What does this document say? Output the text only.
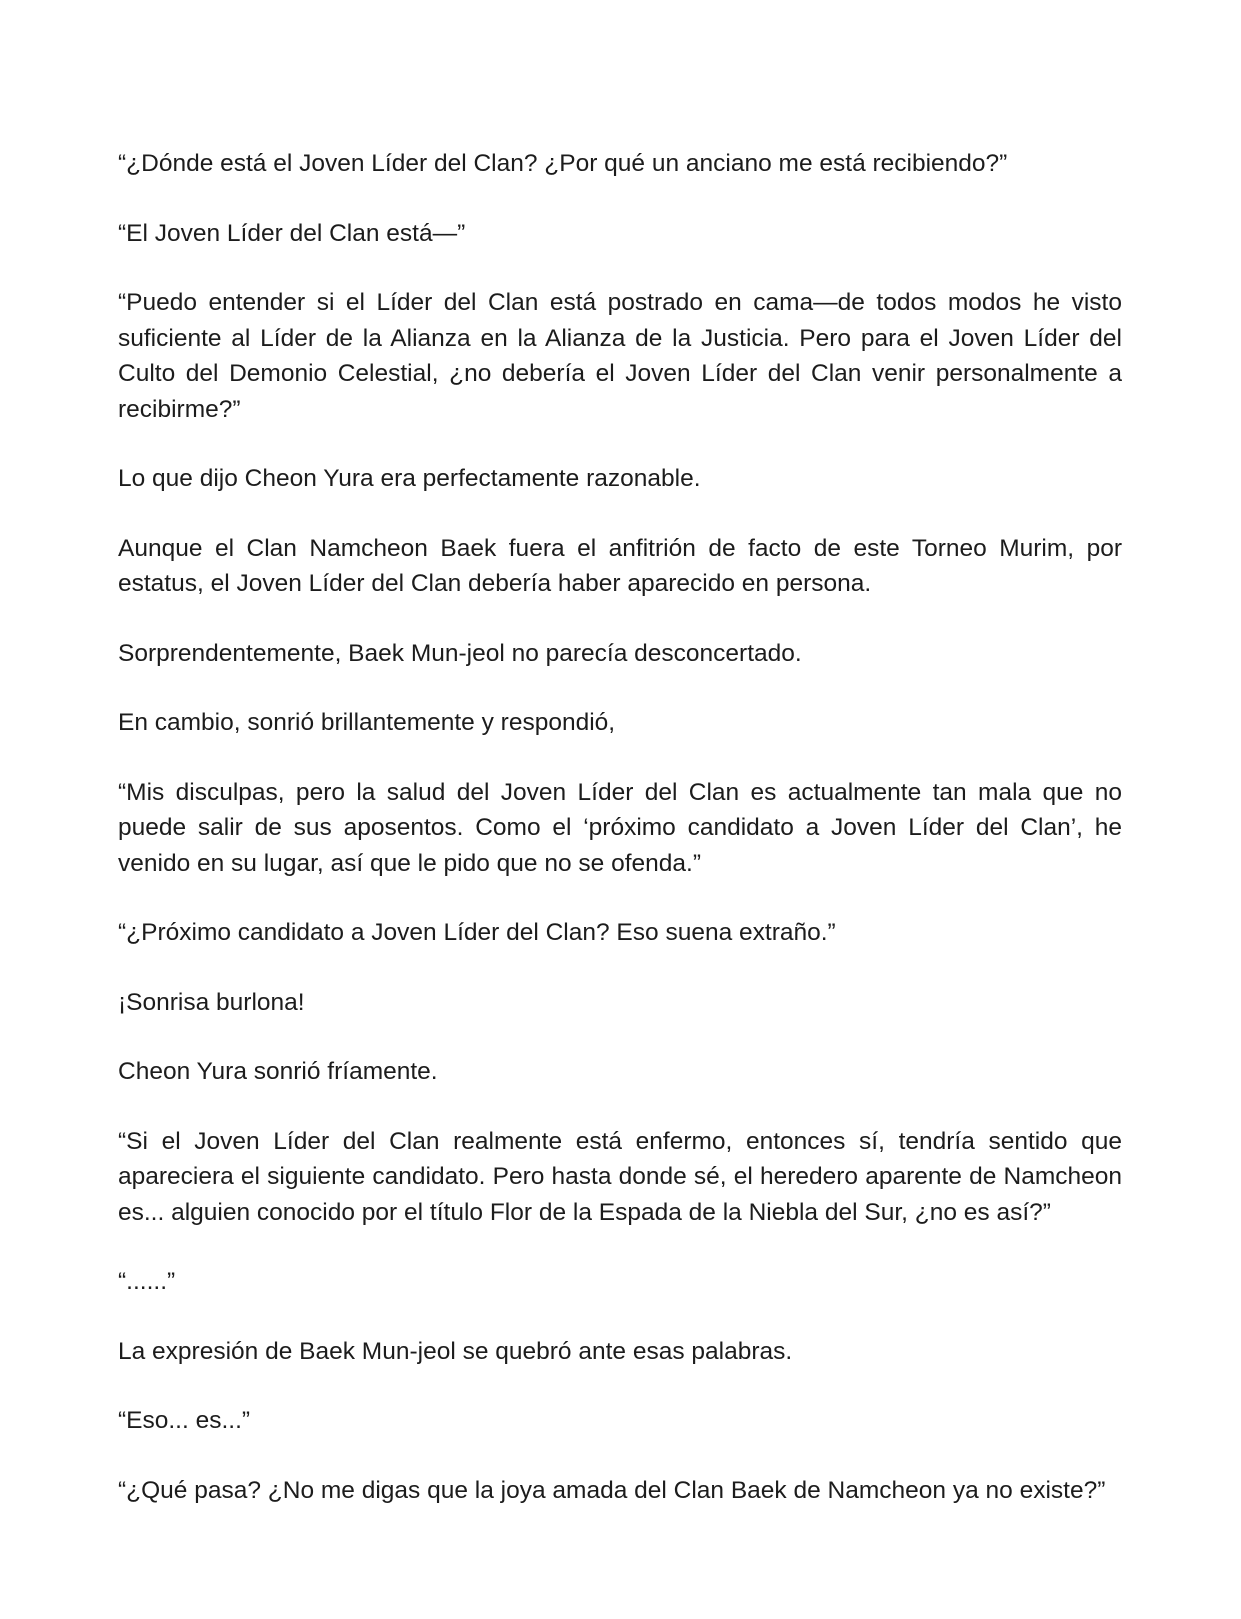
“¿Dónde está el Joven Líder del Clan? ¿Por qué un anciano me está recibiendo?”

“El Joven Líder del Clan está—”

“Puedo entender si el Líder del Clan está postrado en cama—de todos modos he visto suficiente al Líder de la Alianza en la Alianza de la Justicia. Pero para el Joven Líder del Culto del Demonio Celestial, ¿no debería el Joven Líder del Clan venir personalmente a recibirme?”

Lo que dijo Cheon Yura era perfectamente razonable.

Aunque el Clan Namcheon Baek fuera el anfitrión de facto de este Torneo Murim, por estatus, el Joven Líder del Clan debería haber aparecido en persona.

Sorprendentemente, Baek Mun-jeol no parecía desconcertado.

En cambio, sonrió brillantemente y respondió,

“Mis disculpas, pero la salud del Joven Líder del Clan es actualmente tan mala que no puede salir de sus aposentos. Como el ‘próximo candidato a Joven Líder del Clan’, he venido en su lugar, así que le pido que no se ofenda.”

“¿Próximo candidato a Joven Líder del Clan? Eso suena extraño.”

¡Sonrisa burlona!

Cheon Yura sonrió fríamente.

“Si el Joven Líder del Clan realmente está enfermo, entonces sí, tendría sentido que apareciera el siguiente candidato. Pero hasta donde sé, el heredero aparente de Namcheon es... alguien conocido por el título Flor de la Espada de la Niebla del Sur, ¿no es así?”

“......”

La expresión de Baek Mun-jeol se quebró ante esas palabras.

“Eso... es...”

“¿Qué pasa? ¿No me digas que la joya amada del Clan Baek de Namcheon ya no existe?”
